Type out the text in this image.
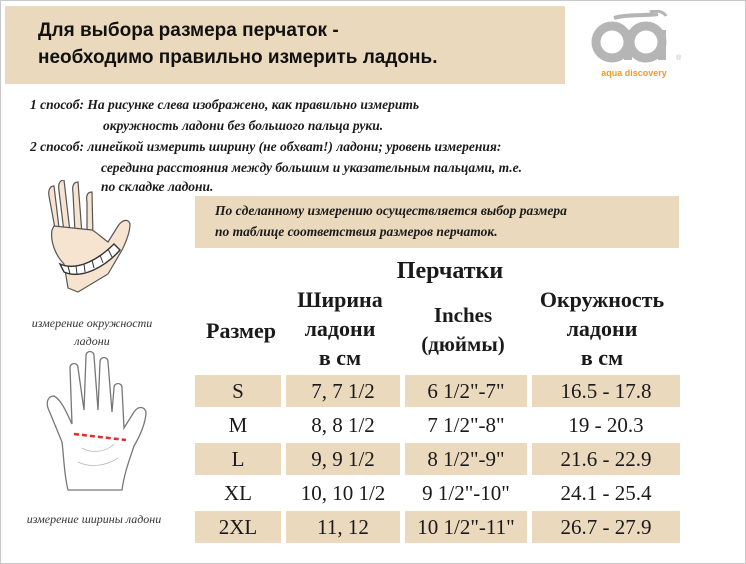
Для выбора размера перчаток -
необходимо правильно измерить ладонь.	®
aqua discovery
1 способ: На рисунке слева изображено, как правильно измерить
окружность ладони без большого пальца руки.
2 способ: линейкой измерить ширину (не обхват!) ладони; уровень измерения:
середина расстояния между большим и указательным пальцами, т.е.
по складке ладони.
По сделанному измерению осуществляется выбор размера
по таблице соответствия размеров перчаток.
измерение окружности
ладони
измерение ширины ладони
Перчатки
Размер
Ширина
ладони
в см
Inches
(дюймы)
Окружность
ладони
в см
S	7, 7 1/2	6 1/2"-7"	16.5 - 17.8
M	8, 8 1/2	7 1/2"-8"	19 - 20.3
L	9, 9 1/2	8 1/2"-9"	21.6 - 22.9
XL	10, 10 1/2	9 1/2"-10"	24.1 - 25.4
2XL	11, 12	10 1/2"-11"	26.7 - 27.9
